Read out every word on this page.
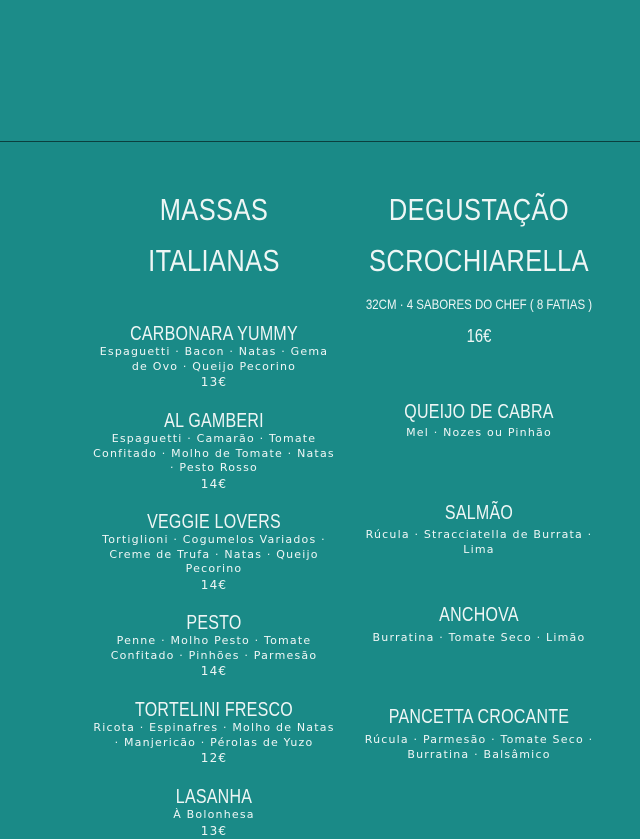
MASSAS

ITALIANAS

CARBONARA YUMMY

Espaguetti · Bacon · Natas · Gema de Ovo · Queijo Pecorino

13€

AL GAMBERI

Espaguetti · Camarão · Tomate Confitado · Molho de Tomate · Natas · Pesto Rosso

14€

VEGGIE LOVERS

Tortiglioni · Cogumelos Variados · Creme de Trufa · Natas · Queijo Pecorino

14€

PESTO

Penne · Molho Pesto · Tomate Confitado · Pinhões · Parmesão

14€

TORTELINI FRESCO

Ricota · Espinafres · Molho de Natas · Manjericão · Pérolas de Yuzo

12€

LASANHA

À Bolonhesa

13€

DEGUSTAÇÃO

SCROCHIARELLA

32CM · 4 SABORES DO CHEF ( 8 FATIAS )

16€

QUEIJO DE CABRA

Mel · Nozes ou Pinhão

SALMÃO

Rúcula · Stracciatella de Burrata · Lima

ANCHOVA

Burratina · Tomate Seco · Limão

PANCETTA CROCANTE

Rúcula · Parmesão · Tomate Seco · Burratina · Balsâmico
